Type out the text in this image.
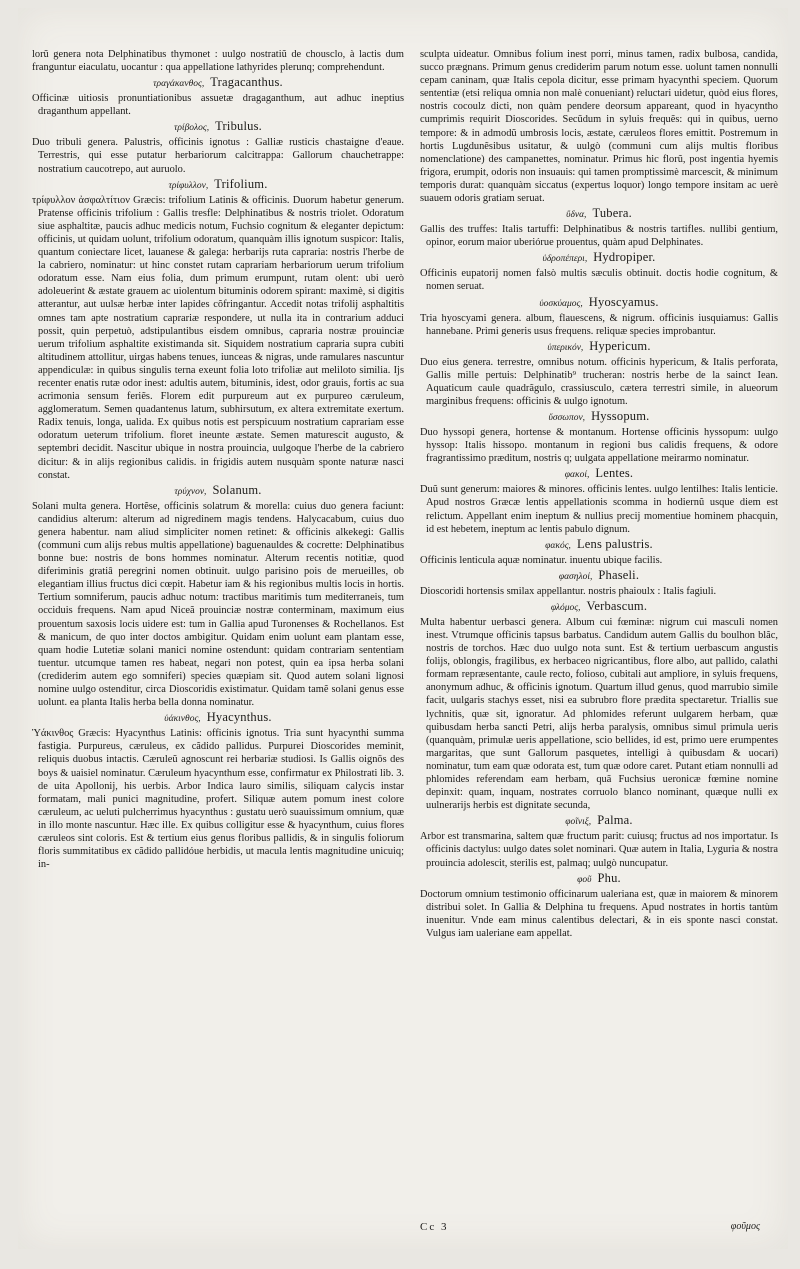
lorũ genera nota Delphinatibus thymonet : uulgo nostratiũ de chousclo, à lactis dum franguntur eiaculatu, uocantur : qua appellatione lathyrides plerunq; comprehendunt.

τραγάκανθος, Tragacanthus.

Officinæ uitiosis pronuntiationibus assuetæ dragaganthum, aut adhuc ineptius draganthum appellant.

τρίβολος, Tribulus.

Duo tribuli genera. Palustris, officinis ignotus : Galliæ rusticis chastaigne d'eaue. Terrestris, qui esse putatur herbariorum calcitrappa: Gallorum chauchetrappe: nostratium caucotrepo, aut auruolo.

τρίφυλλον, Trifolium.

τρίφυλλον ἀσφαλτίτιον Græcis: trifolium Latinis & officinis. Duorum habetur generum. Pratense officinis trifolium : Gallis tresfle: Delphinatibus & nostris triolet. Odoratum siue asphaltitæ, paucis adhuc medicis notum, Fuchsio cognitum & eleganter depictum: officinis, ut quidam uolunt, trifolium odoratum, quanquàm illis ignotum suspicor: Italis, quantum coniectare licet, lauanese & galega: herbarijs ruta capraria: nostris l'herbe de la cabriero, nominatur: ut hinc constet rutam caprariam herbariorum uerum trifolium odoratum esse. Nam eius folia, dum primum erumpunt, rutam olent: ubi uerò adoleuerint & æstate grauem ac uiolentum bituminis odorem spirant: maximè, si digitis atterantur, aut uulsæ herbæ inter lapides cõfringantur. Accedit notas trifolij asphaltitis omnes tam apte nostratium caprariæ respondere, ut nulla ita in contrarium adduci possit, quin perpetuò, adstipulantibus eisdem omnibus, capraria nostræ prouinciæ uerum trifolium asphaltite existimanda sit. Siquidem nostratium capraria supra cubiti altitudinem attollitur, uirgas habens tenues, iunceas & nigras, unde ramulares nascuntur appendiculæ: in quibus singulis terna exeunt folia loto trifoliæ aut meliloto similia. Ijs recenter enatis rutæ odor inest: adultis autem, bituminis, idest, odor grauis, fortis ac sua acrimonia sensum feriẽs. Florem edit purpureum aut ex purpureo cæruleum, agglomeratum. Semen quadantenus latum, subhirsutum, ex altera extremitate exertum. Radix tenuis, longa, ualida. Ex quibus notis est perspicuum nostratium caprariam esse odoratum ueterum trifolium. floret ineunte æstate. Semen maturescit augusto, & septembri decidit. Nascitur ubique in nostra prouincia, uulgoque l'herbe de la cabriero dicitur: & in alijs regionibus calidis. in frigidis autem nusquàm sponte naturæ nasci constat.

τρύχνον, Solanum.

Solani multa genera. Hortẽse, officinis solatrum & morella: cuius duo genera faciunt: candidius alterum: alterum ad nigredinem magis tendens. Halycacabum, cuius duo genera habentur. nam aliud simpliciter nomen retinet: & officinis alkekegi: Gallis (communi cum alijs rebus multis appellatione) baguenauldes & cocrette: Delphinatibus bonne bue: nostris de bons hommes nominatur. Alterum recentis notitiæ, quod diferiminis gratiâ peregrini nomen obtinuit. uulgo parisino pois de merueilles, ob elegantiam illius fructus dici cœpit. Habetur iam & his regionibus multis locis in hortis. Tertium somniferum, paucis adhuc notum: tractibus maritimis tum mediterraneis, tum occiduis frequens. Nam apud Niceã prouinciæ nostræ conterminam, maximum eius prouentum saxosis locis uidere est: tum in Gallia apud Turonenses & Rochellanos. Est & manicum, de quo inter doctos ambigitur. Quidam enim uolunt eam plantam esse, quam hodie Lutetiæ solani manici nomine ostendunt: quidam contrariam sententiam tuentur. utcumque tamen res habeat, negari non potest, quin ea ipsa herba solani (crediderim autem ego somniferi) species quæpiam sit. Quod autem solani lignosi nomine uulgo ostenditur, circa Dioscoridis existimatur. Quidam tamẽ solani genus esse uolunt. ea planta Italis herba bella donna nominatur.

ὑάκινθος, Hyacynthus.

Ὑάκινθος Græcis: Hyacynthus Latinis: officinis ignotus. Tria sunt hyacynthi summa fastigia. Purpureus, cæruleus, ex cãdido pallidus. Purpurei Dioscorides meminit, reliquis duobus intactis. Cæruleũ agnoscunt rei herbariæ studiosi. Is Gallis oignõs des boys & uaisiel nominatur. Cæruleum hyacynthum esse, confirmatur ex Philostrati lib. 3. de uita Apollonij, his uerbis. Arbor Indica lauro similis, siliquam calycis instar formatam, mali punici magnitudine, profert. Siliquæ autem pomum inest colore cæruleum, ac ueluti pulcherrimus hyacynthus : gustatu uerò suauissimum omnium, quæ in illo monte nascuntur. Hæc ille. Ex quibus colligitur esse & hyacynthum, cuius flores cæruleos sint coloris. Est & tertium eius genus floribus pallidis, & in singulis foliorum floris summitatibus ex cãdido pallidóue herbidis, ut macula lentis magnitudine unicuiq; in-

sculpta uideatur. Omnibus folium inest porri, minus tamen, radix bulbosa, candida, succo prægnans. Primum genus crediderim parum notum esse. uolunt tamen nonnulli cepam caninam, quæ Italis cepola dicitur, esse primam hyacynthi speciem. Quorum sententiæ (etsi reliqua omnia non malè conueniant) reluctari uidetur, quòd eius flores, nostris cocoulz dicti, non quàm pendere deorsum appareant, quod in hyacyntho cumprimis requirit Dioscorides. Secũdum in syluis frequẽs: qui in quibus, uerno tempore: & in admodũ umbrosis locis, æstate, cæruleos flores emittit. Postremum in hortis Lugdunẽsibus usitatur, & uulgò (communi cum alijs multis floribus nomenclatione) des campanettes, nominatur. Primus hic florũ, post ingentia hyemis frigora, erumpit, odoris non insuauis: qui tamen promptissimè marcescit, & minimum temporis durat: quanquàm siccatus (expertus loquor) longo tempore insitam ac uerè suauem odoris gratiam seruat.

ὕδνα, Tubera.

Gallis des truffes: Italis tartuffi: Delphinatibus & nostris tartifles. nullibi gentium, opinor, eorum maior uberiórue prouentus, quàm apud Delphinates.

ὑδροπέπερι, Hydropiper.

Officinis eupatorij nomen falsò multis sæculis obtinuit. doctis hodie cognitum, & nomen seruat.

ὑοσκύαμος, Hyoscyamus.

Tria hyoscyami genera. album, flauescens, & nigrum. officinis iusquiamus: Gallis hannebane. Primi generis usus frequens. reliquæ species improbantur.

ὑπερικόν, Hypericum.

Duo eius genera. terrestre, omnibus notum. officinis hypericum, & Italis perforata, Gallis mille pertuis: Delphinatib⁹ trucheran: nostris herbe de la sainct Iean. Aquaticum caule quadrãgulo, crassiusculo, cætera terrestri simile, in alueorum marginibus frequens: officinis & uulgo ignotum.

ὕσσωπον, Hyssopum.

Duo hyssopi genera, hortense & montanum. Hortense officinis hyssopum: uulgo hyssop: Italis hissopo. montanum in regioni bus calidis frequens, & odore fragrantissimo præditum, nostris q; uulgata appellatione meirarmo nominatur.

φακοί, Lentes.

Duũ sunt generum: maiores & minores. officinis lentes. uulgo lentilhes: Italis lenticie. Apud nostros Græcæ lentis appellationis scomma in hodiernũ usque diem est relictum. Appellant enim ineptum & nullius precij momentiue hominem phacquin, id est hebetem, ineptum ac lentis pabulo dignum.

φακός, Lens palustris.

Officinis lenticula aquæ nominatur. inuentu ubique facilis.

φασηλοί, Phaseli.

Dioscoridi hortensis smilax appellantur. nostris phaioulx : Italis fagiuli.

φλόμος, Verbascum.

Multa habentur uerbasci genera. Album cui fœminæ: nigrum cui masculi nomen inest. Vtrumque officinis tapsus barbatus. Candidum autem Gallis du boulhon blãc, nostris de torchos. Hæc duo uulgo nota sunt. Est & tertium uerbascum angustis folijs, oblongis, fragilibus, ex herbaceo nigricantibus, flore albo, aut pallido, calathi formam repræsentante, caule recto, folioso, cubitali aut ampliore, in syluis frequens, anonymum adhuc, & officinis ignotum. Quartum illud genus, quod marrubio simile facit, uulgaris stachys esset, nisi ea subrubro flore prædita spectaretur. Triallis sue lychnitis, quæ sit, ignoratur. Ad phlomides referunt uulgarem herbam, quæ quibusdam herba sancti Petri, alijs herba paralysis, omnibus simul primula ueris (quanquàm, primulæ ueris appellatione, scio bellides, id est, primo uere erumpentes margaritas, que sunt Gallorum pasquetes, intelligi à quibusdam & uocari) nominatur, tum eam quæ odorata est, tum quæ odore caret. Putant etiam nonnulli ad phlomides referendam eam herbam, quã Fuchsius ueronicæ fœmine nomine depinxit: quam, inquam, nostrates corruolo blanco nominant, quæque nulli ex uulnerarijs herbis est dignitate secunda,

φοῖνιξ, Palma.

Arbor est transmarina, saltem quæ fructum parit: cuiusq; fructus ad nos importatur. Is officinis dactylus: uulgo dates solet nominari. Quæ autem in Italia, Lyguria & nostra prouincia adolescit, sterilis est, palmaq; uulgò nuncupatur.

φοῦ Phu.

Doctorum omnium testimonio officinarum ualeriana est, quæ in maiorem & minorem distribui solet. In Gallia & Delphina tu frequens. Apud nostrates in hortis tantùm inuenitur. Vnde eam minus calentibus delectari, & in eis sponte nasci constat. Vulgus iam ualeriane eam appellat.

Cc 3	φοῦμος
